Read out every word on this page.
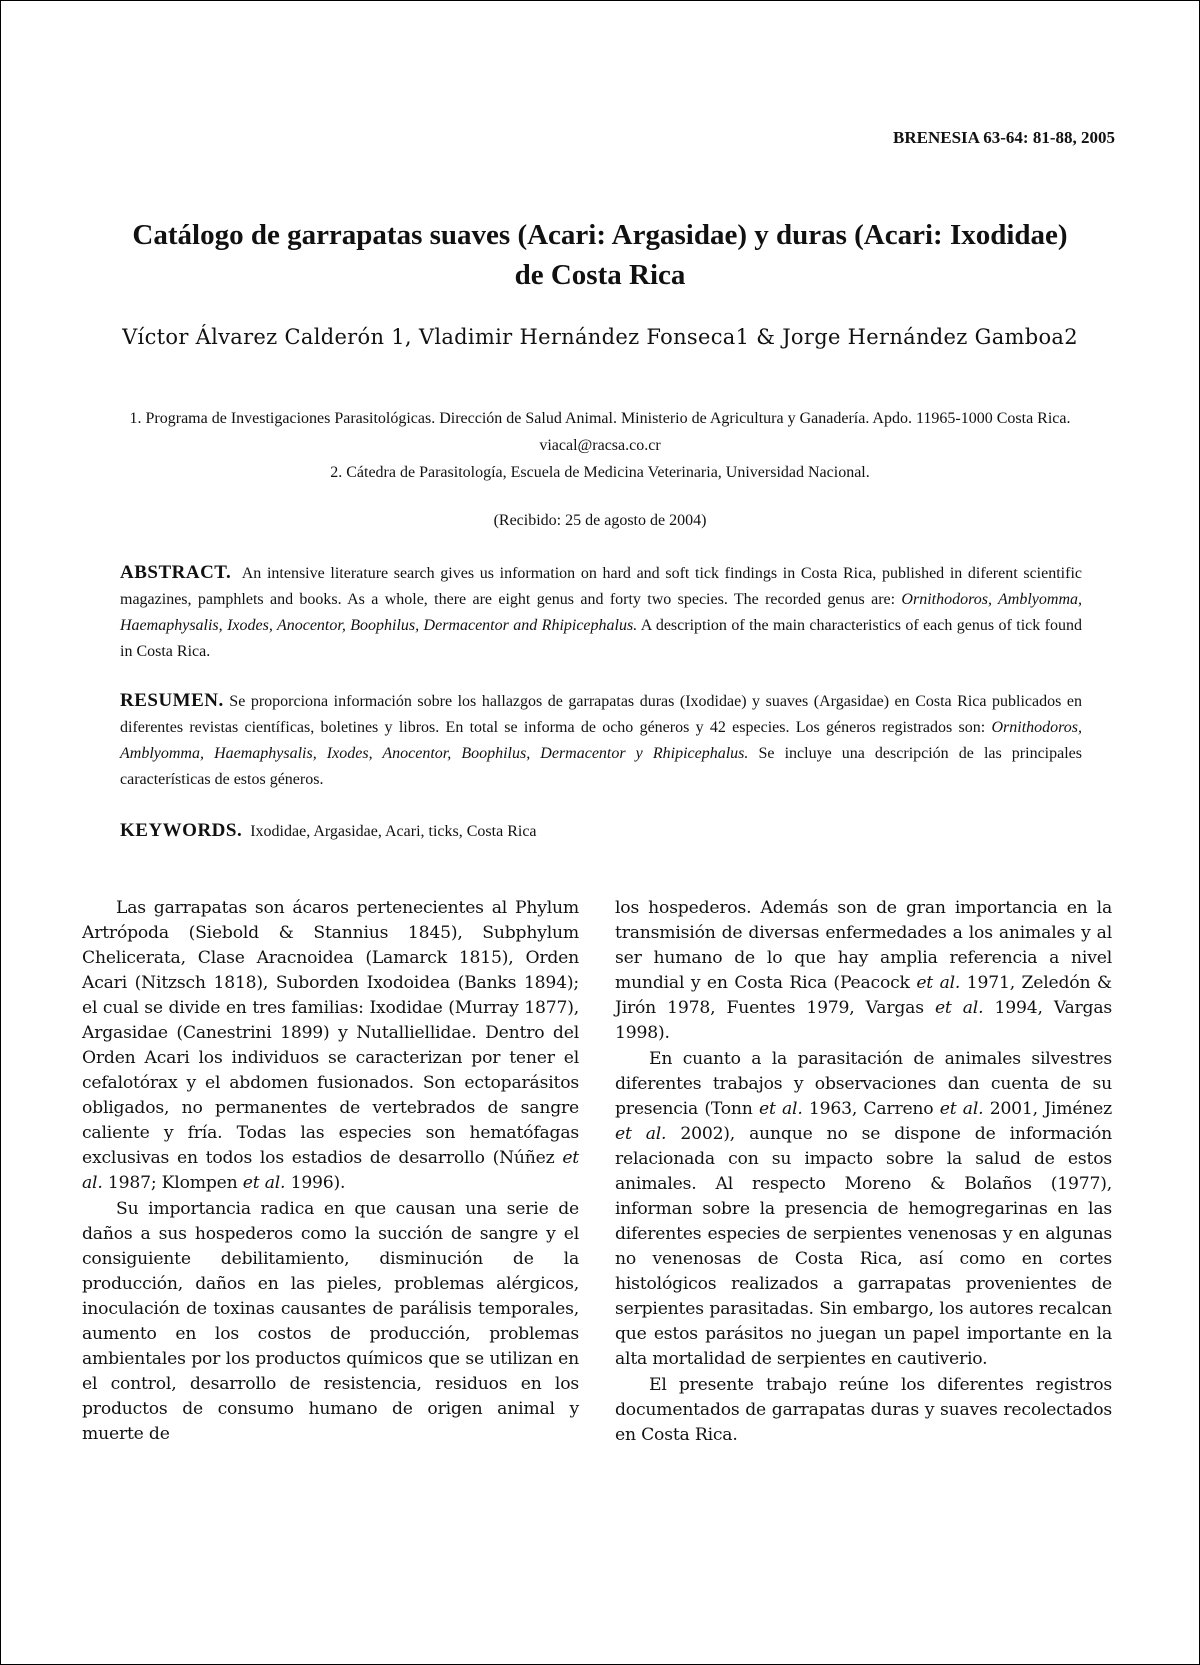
BRENESIA 63-64: 81-88, 2005
Catálogo de garrapatas suaves (Acari: Argasidae) y duras (Acari: Ixodidae) de Costa Rica
Víctor Álvarez Calderón 1, Vladimir Hernández Fonseca1 & Jorge Hernández Gamboa2
1. Programa de Investigaciones Parasitológicas. Dirección de Salud Animal. Ministerio de Agricultura y Ganadería. Apdo. 11965-1000 Costa Rica. viacal@racsa.co.cr
2. Cátedra de Parasitología, Escuela de Medicina Veterinaria, Universidad Nacional.
(Recibido: 25 de agosto de 2004)
ABSTRACT. An intensive literature search gives us information on hard and soft tick findings in Costa Rica, published in diferent scientific magazines, pamphlets and books. As a whole, there are eight genus and forty two species. The recorded genus are: Ornithodoros, Amblyomma, Haemaphysalis, Ixodes, Anocentor, Boophilus, Dermacentor and Rhipicephalus. A description of the main characteristics of each genus of tick found in Costa Rica.
RESUMEN. Se proporciona información sobre los hallazgos de garrapatas duras (Ixodidae) y suaves (Argasidae) en Costa Rica publicados en diferentes revistas científicas, boletines y libros. En total se informa de ocho géneros y 42 especies. Los géneros registrados son: Ornithodoros, Amblyomma, Haemaphysalis, Ixodes, Anocentor, Boophilus, Dermacentor y Rhipicephalus. Se incluye una descripción de las principales características de estos géneros.
KEYWORDS. Ixodidae, Argasidae, Acari, ticks, Costa Rica

Las garrapatas son ácaros pertenecientes al Phylum Artrópoda (Siebold & Stannius 1845), Subphylum Chelicerata, Clase Aracnoidea (Lamarck 1815), Orden Acari (Nitzsch 1818), Suborden Ixodoidea (Banks 1894); el cual se divide en tres familias: Ixodidae (Murray 1877), Argasidae (Canestrini 1899) y Nutalliellidae. Dentro del Orden Acari los individuos se caracterizan por tener el cefalotórax y el abdomen fusionados. Son ectoparásitos obligados, no permanentes de vertebrados de sangre caliente y fría. Todas las especies son hematófagas exclusivas en todos los estadios de desarrollo (Núñez et al. 1987; Klompen et al. 1996).

Su importancia radica en que causan una serie de daños a sus hospederos como la succión de sangre y el consiguiente debilitamiento, disminución de la producción, daños en las pieles, problemas alérgicos, inoculación de toxinas causantes de parálisis temporales, aumento en los costos de producción, problemas ambientales por los productos químicos que se utilizan en el control, desarrollo de resistencia, residuos en los productos de consumo humano de origen animal y muerte de

los hospederos. Además son de gran importancia en la transmisión de diversas enfermedades a los animales y al ser humano de lo que hay amplia referencia a nivel mundial y en Costa Rica (Peacock et al. 1971, Zeledón & Jirón 1978, Fuentes 1979, Vargas et al. 1994, Vargas 1998).

En cuanto a la parasitación de animales silvestres diferentes trabajos y observaciones dan cuenta de su presencia (Tonn et al. 1963, Carreno et al. 2001, Jiménez et al. 2002), aunque no se dispone de información relacionada con su impacto sobre la salud de estos animales. Al respecto Moreno & Bolaños (1977), informan sobre la presencia de hemogregarinas en las diferentes especies de serpientes venenosas y en algunas no venenosas de Costa Rica, así como en cortes histológicos realizados a garrapatas provenientes de serpientes parasitadas. Sin embargo, los autores recalcan que estos parásitos no juegan un papel importante en la alta mortalidad de serpientes en cautiverio.

El presente trabajo reúne los diferentes registros documentados de garrapatas duras y suaves recolectados en Costa Rica.
